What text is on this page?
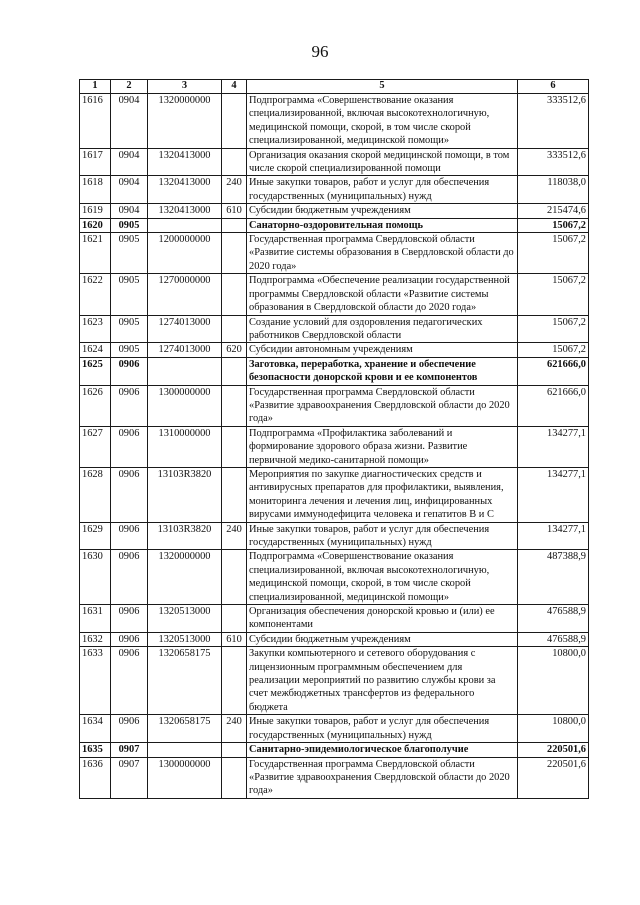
96
1	2	3	4	5	6
1616	0904	1320000000		Подпрограмма «Совершенствование оказания специализированной, включая высокотехнологичную, медицинской помощи, скорой, в том числе скорой специализированной, медицинской помощи»	333512,6
1617	0904	1320413000		Организация оказания скорой медицинской помощи, в том числе скорой специализированной помощи	333512,6
1618	0904	1320413000	240	Иные закупки товаров, работ и услуг для обеспечения государственных (муниципальных) нужд	118038,0
1619	0904	1320413000	610	Субсидии бюджетным учреждениям	215474,6
1620	0905			Санаторно-оздоровительная помощь	15067,2
1621	0905	1200000000		Государственная программа Свердловской области «Развитие системы образования в Свердловской области до 2020 года»	15067,2
1622	0905	1270000000		Подпрограмма «Обеспечение реализации государственной программы Свердловской области «Развитие системы образования в Свердловской области до 2020 года»	15067,2
1623	0905	1274013000		Создание условий для оздоровления педагогических работников Свердловской области	15067,2
1624	0905	1274013000	620	Субсидии автономным учреждениям	15067,2
1625	0906			Заготовка, переработка, хранение и обеспечение безопасности донорской крови и ее компонентов	621666,0
1626	0906	1300000000		Государственная программа Свердловской области «Развитие здравоохранения Свердловской области до 2020 года»	621666,0
1627	0906	1310000000		Подпрограмма «Профилактика заболеваний и формирование здорового образа жизни. Развитие первичной медико-санитарной помощи»	134277,1
1628	0906	13103R3820		Мероприятия по закупке диагностических средств и антивирусных препаратов для профилактики, выявления, мониторинга лечения и лечения лиц, инфицированных вирусами иммунодефицита человека и гепатитов В и С	134277,1
1629	0906	13103R3820	240	Иные закупки товаров, работ и услуг для обеспечения государственных (муниципальных) нужд	134277,1
1630	0906	1320000000		Подпрограмма «Совершенствование оказания специализированной, включая высокотехнологичную, медицинской помощи, скорой, в том числе скорой специализированной, медицинской помощи»	487388,9
1631	0906	1320513000		Организация обеспечения донорской кровью и (или) ее компонентами	476588,9
1632	0906	1320513000	610	Субсидии бюджетным учреждениям	476588,9
1633	0906	1320658175		Закупки компьютерного и сетевого оборудования с лицензионным программным обеспечением для реализации мероприятий по развитию службы крови за счет межбюджетных трансфертов из федерального бюджета	10800,0
1634	0906	1320658175	240	Иные закупки товаров, работ и услуг для обеспечения государственных (муниципальных) нужд	10800,0
1635	0907			Санитарно-эпидемиологическое благополучие	220501,6
1636	0907	1300000000		Государственная программа Свердловской области «Развитие здравоохранения Свердловской области до 2020 года»	220501,6
